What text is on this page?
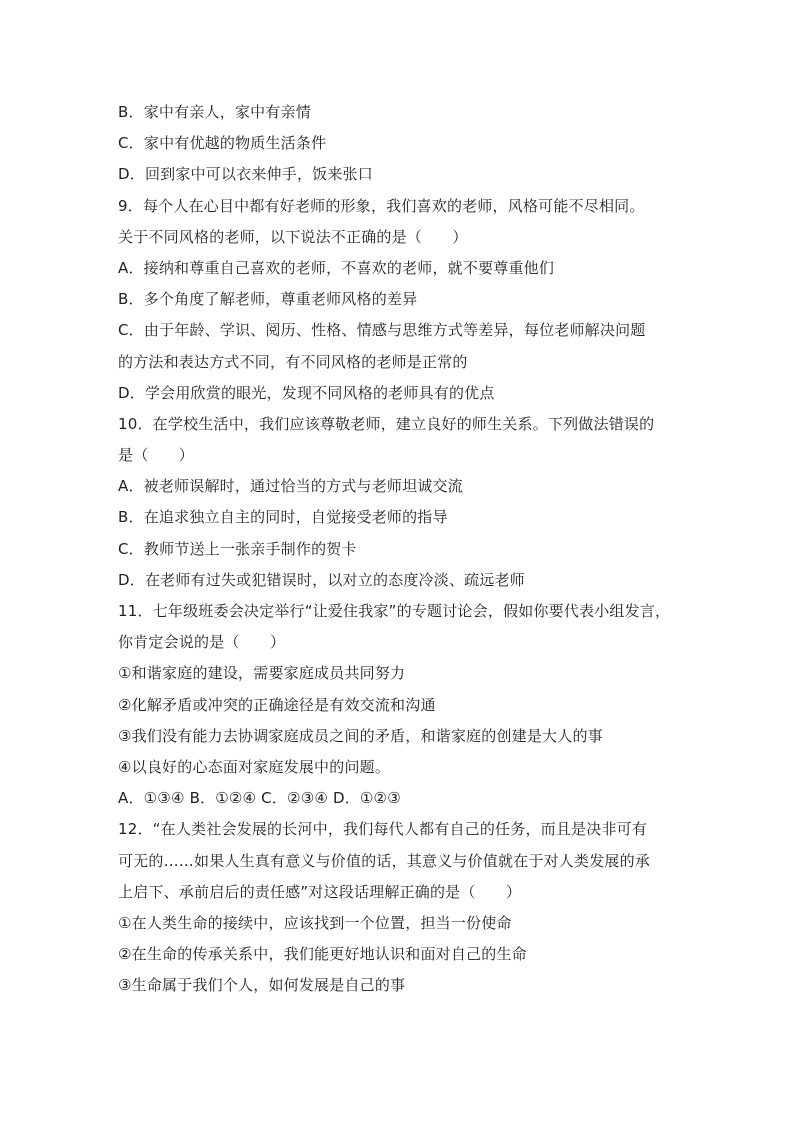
B．家中有亲人，家中有亲情
C．家中有优越的物质生活条件
D．回到家中可以衣来伸手，饭来张口
9．每个人在心目中都有好老师的形象，我们喜欢的老师，风格可能不尽相同。
关于不同风格的老师，以下说法不正确的是（　　）
A．接纳和尊重自己喜欢的老师，不喜欢的老师，就不要尊重他们
B．多个角度了解老师，尊重老师风格的差异
C．由于年龄、学识、阅历、性格、情感与思维方式等差异，每位老师解决问题
的方法和表达方式不同，有不同风格的老师是正常的
D．学会用欣赏的眼光，发现不同风格的老师具有的优点
10．在学校生活中，我们应该尊敬老师，建立良好的师生关系。下列做法错误的
是（　　）
A．被老师误解时，通过恰当的方式与老师坦诚交流
B．在追求独立自主的同时，自觉接受老师的指导
C．教师节送上一张亲手制作的贺卡
D．在老师有过失或犯错误时，以对立的态度冷淡、疏远老师
11．七年级班委会决定举行“让爱住我家”的专题讨论会，假如你要代表小组发言，
你肯定会说的是（　　）
①和谐家庭的建设，需要家庭成员共同努力
②化解矛盾或冲突的正确途径是有效交流和沟通
③我们没有能力去协调家庭成员之间的矛盾，和谐家庭的创建是大人的事
④以良好的心态面对家庭发展中的问题。
A．①③④ B．①②④ C．②③④ D．①②③
12．“在人类社会发展的长河中，我们每代人都有自己的任务，而且是决非可有
可无的……如果人生真有意义与价值的话，其意义与价值就在于对人类发展的承
上启下、承前启后的责任感”对这段话理解正确的是（　　）
①在人类生命的接续中，应该找到一个位置，担当一份使命
②在生命的传承关系中，我们能更好地认识和面对自己的生命
③生命属于我们个人，如何发展是自己的事
